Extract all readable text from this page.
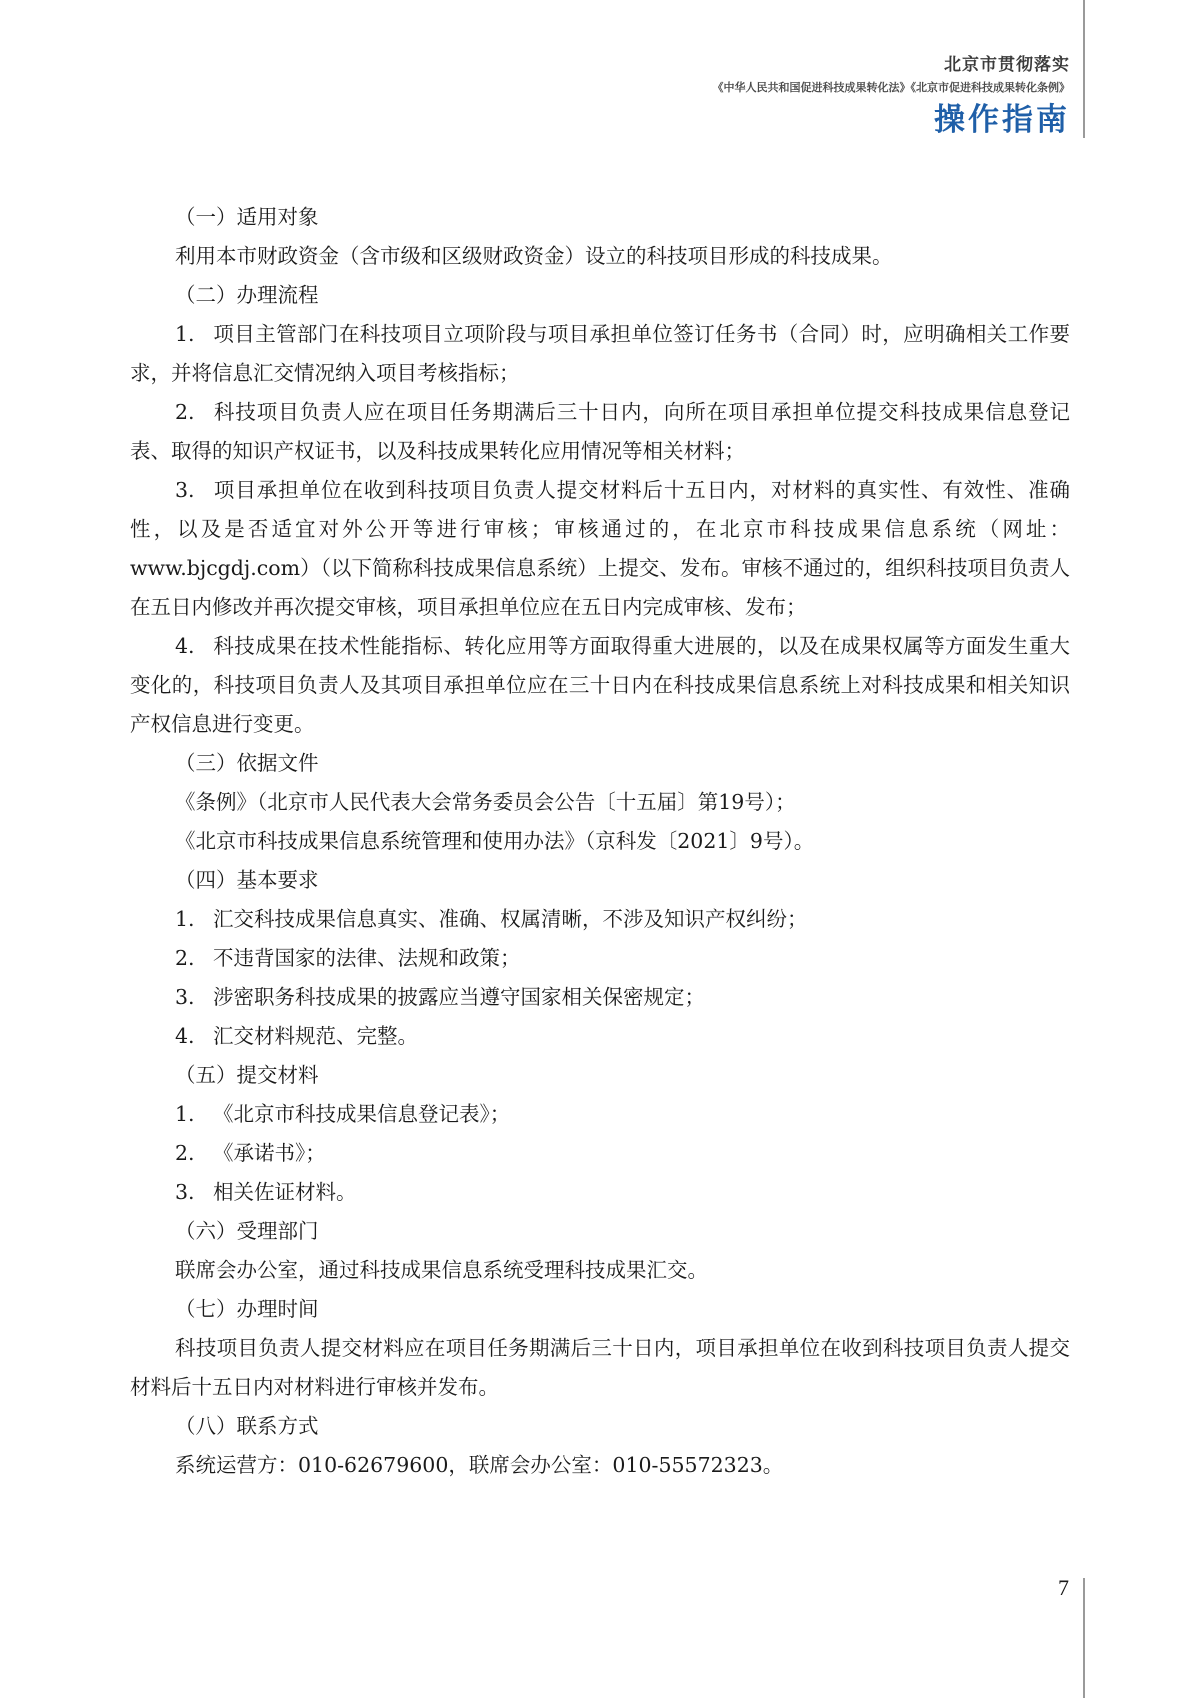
北京市贯彻落实
《中华人民共和国促进科技成果转化法》《北京市促进科技成果转化条例》
操作指南

（一）适用对象

利用本市财政资金（含市级和区级财政资金）设立的科技项目形成的科技成果。

（二）办理流程

1. 项目主管部门在科技项目立项阶段与项目承担单位签订任务书（合同）时，应明确相关工作要求，并将信息汇交情况纳入项目考核指标；

2. 科技项目负责人应在项目任务期满后三十日内，向所在项目承担单位提交科技成果信息登记表、取得的知识产权证书，以及科技成果转化应用情况等相关材料；

3. 项目承担单位在收到科技项目负责人提交材料后十五日内，对材料的真实性、有效性、准确性，以及是否适宜对外公开等进行审核；审核通过的，在北京市科技成果信息系统（网址：www.bjcgdj.com）（以下简称科技成果信息系统）上提交、发布。审核不通过的，组织科技项目负责人在五日内修改并再次提交审核，项目承担单位应在五日内完成审核、发布；

4. 科技成果在技术性能指标、转化应用等方面取得重大进展的，以及在成果权属等方面发生重大变化的，科技项目负责人及其项目承担单位应在三十日内在科技成果信息系统上对科技成果和相关知识产权信息进行变更。

（三）依据文件

《条例》（北京市人民代表大会常务委员会公告〔十五届〕第19号）；

《北京市科技成果信息系统管理和使用办法》（京科发〔2021〕9号）。

（四）基本要求

1. 汇交科技成果信息真实、准确、权属清晰，不涉及知识产权纠纷；

2. 不违背国家的法律、法规和政策；

3. 涉密职务科技成果的披露应当遵守国家相关保密规定；

4. 汇交材料规范、完整。

（五）提交材料

1. 《北京市科技成果信息登记表》；

2. 《承诺书》；

3. 相关佐证材料。

（六）受理部门

联席会办公室，通过科技成果信息系统受理科技成果汇交。

（七）办理时间

科技项目负责人提交材料应在项目任务期满后三十日内，项目承担单位在收到科技项目负责人提交材料后十五日内对材料进行审核并发布。

（八）联系方式

系统运营方：010-62679600，联席会办公室：010-55572323。

7
